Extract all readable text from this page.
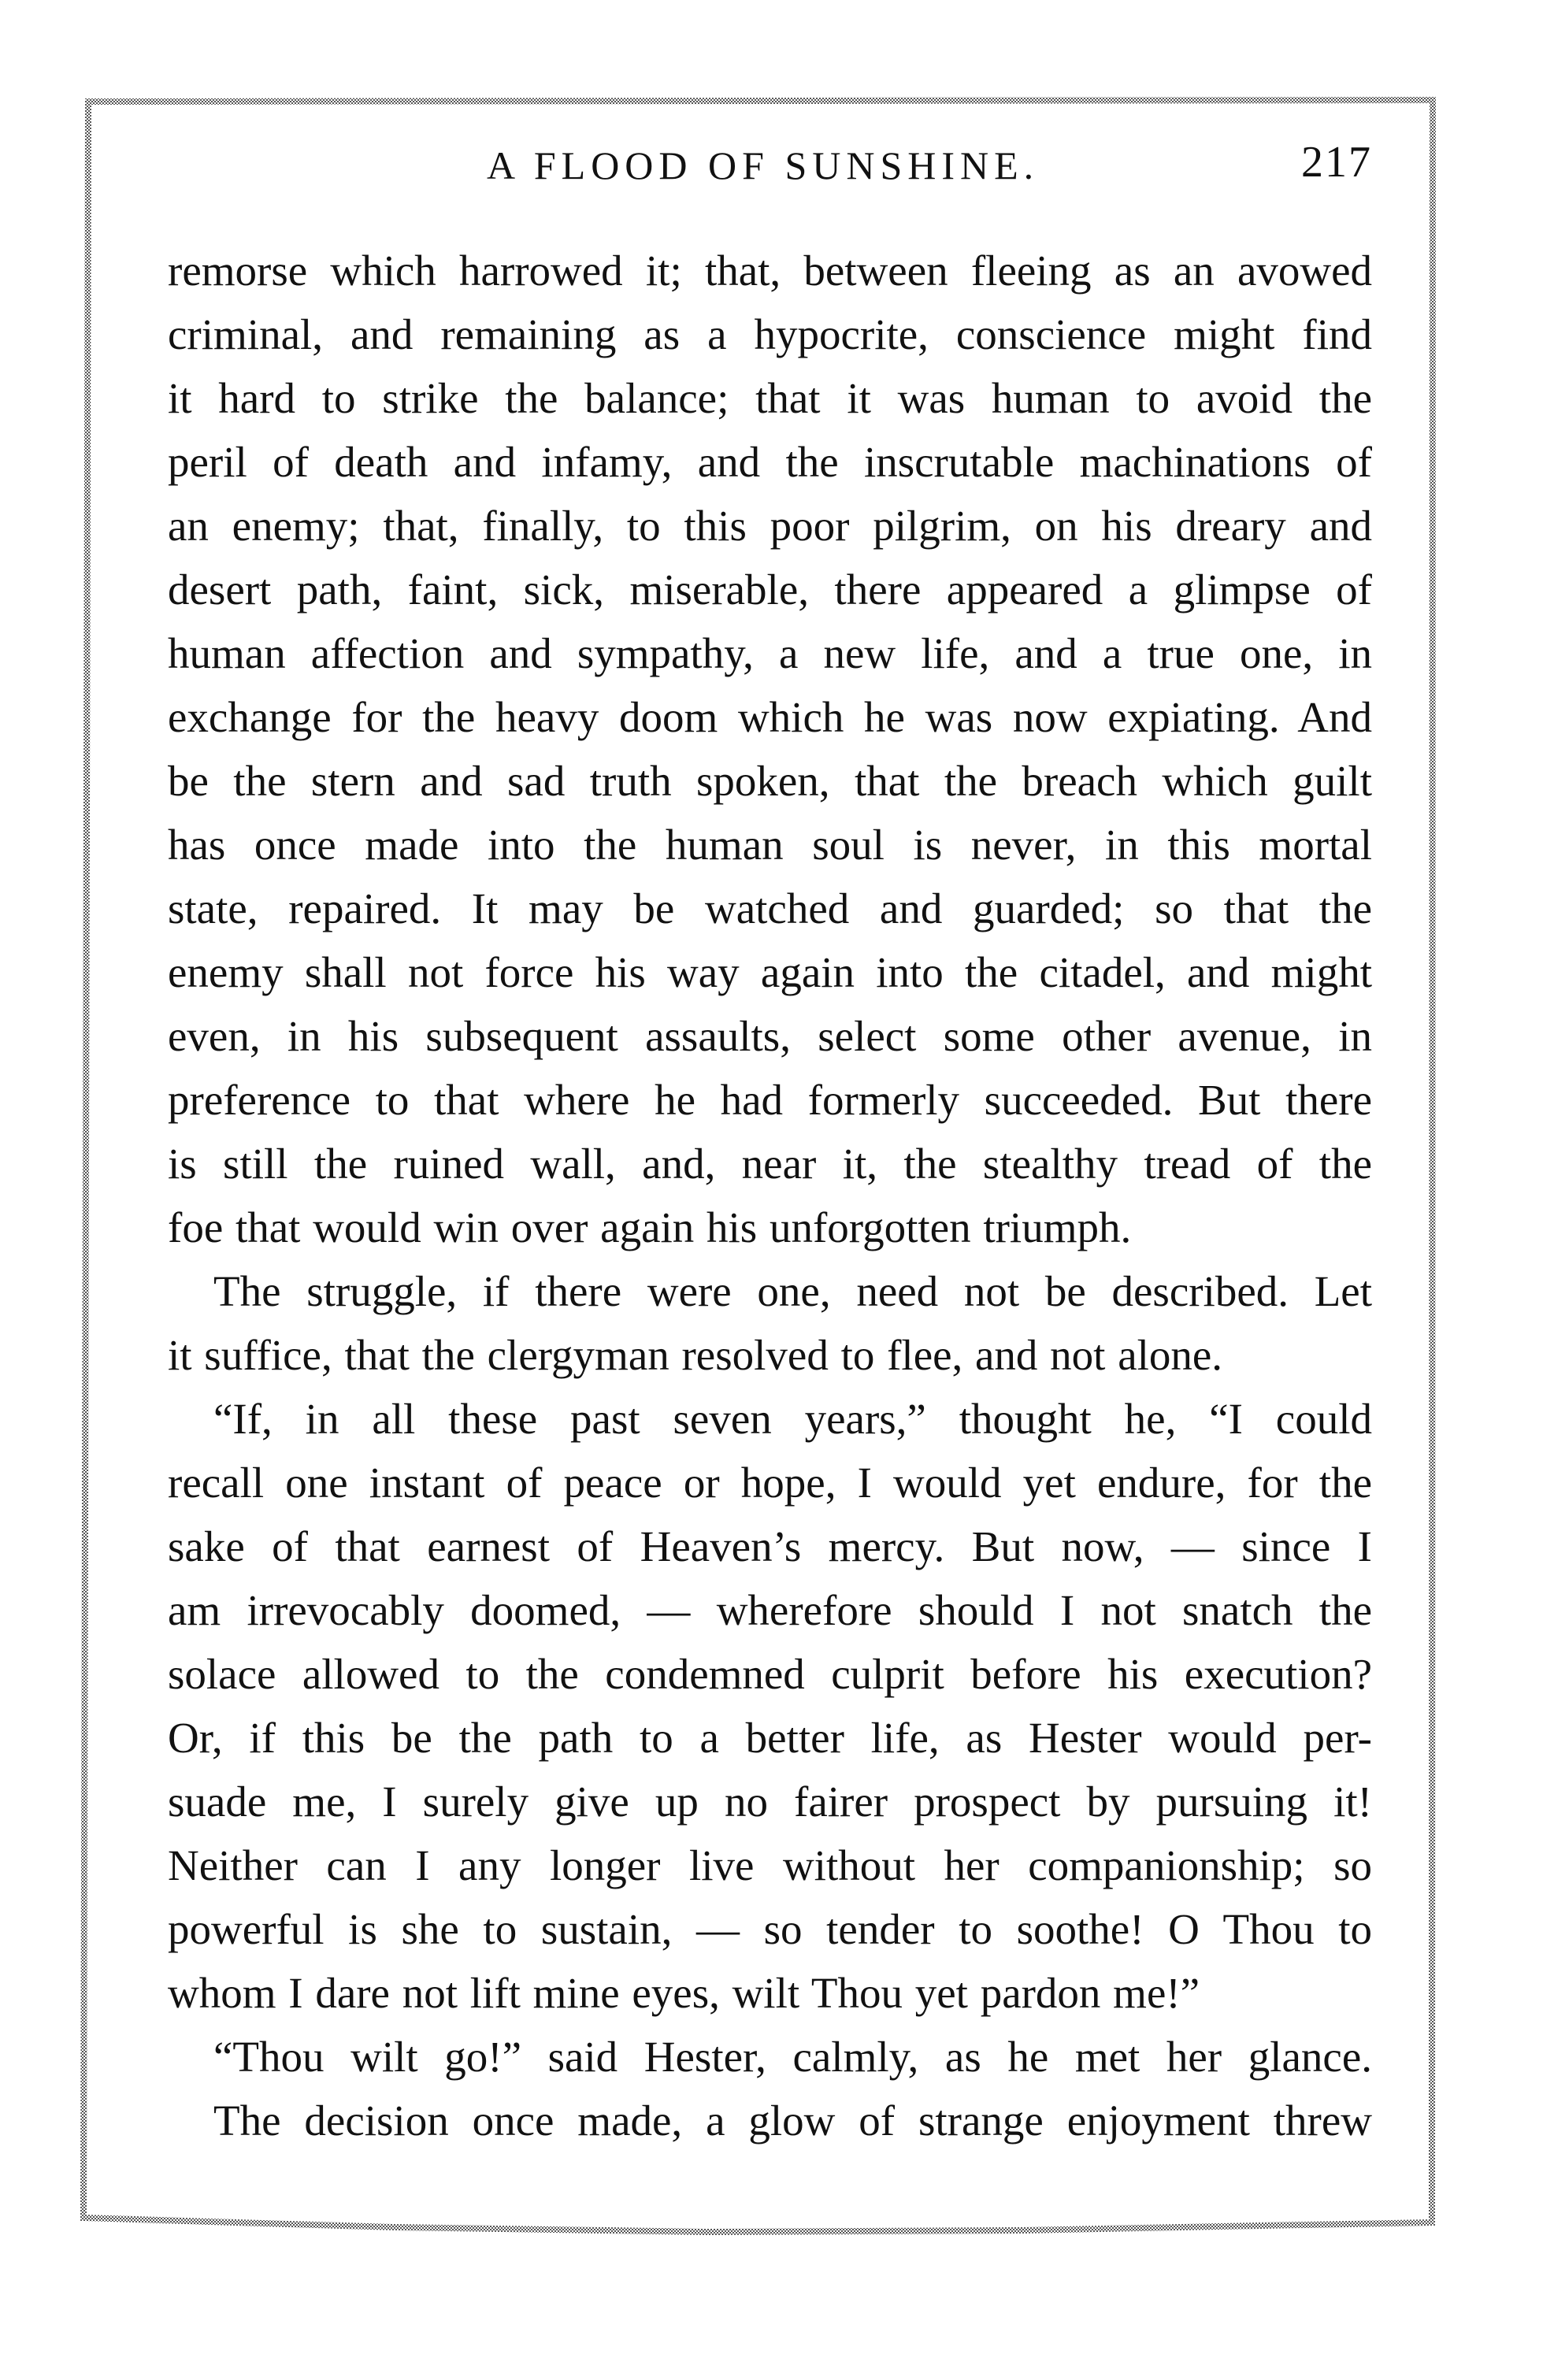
A FLOOD OF SUNSHINE.	217
remorse which harrowed it; that, between fleeing as an avowed
criminal, and remaining as a hypocrite, conscience might find
it hard to strike the balance; that it was human to avoid the
peril of death and infamy, and the inscrutable machinations of
an enemy; that, finally, to this poor pilgrim, on his dreary and
desert path, faint, sick, miserable, there appeared a glimpse of
human affection and sympathy, a new life, and a true one, in
exchange for the heavy doom which he was now expiating. And
be the stern and sad truth spoken, that the breach which guilt
has once made into the human soul is never, in this mortal
state, repaired. It may be watched and guarded; so that the
enemy shall not force his way again into the citadel, and might
even, in his subsequent assaults, select some other avenue, in
preference to that where he had formerly succeeded. But there
is still the ruined wall, and, near it, the stealthy tread of the
foe that would win over again his unforgotten triumph.
The struggle, if there were one, need not be described. Let
it suffice, that the clergyman resolved to flee, and not alone.
“If, in all these past seven years,” thought he, “I could
recall one instant of peace or hope, I would yet endure, for the
sake of that earnest of Heaven’s mercy. But now, — since I
am irrevocably doomed, — wherefore should I not snatch the
solace allowed to the condemned culprit before his execution?
Or, if this be the path to a better life, as Hester would per-
suade me, I surely give up no fairer prospect by pursuing it!
Neither can I any longer live without her companionship; so
powerful is she to sustain, — so tender to soothe! O Thou to
whom I dare not lift mine eyes, wilt Thou yet pardon me!”
“Thou wilt go!” said Hester, calmly, as he met her glance.
The decision once made, a glow of strange enjoyment threw
